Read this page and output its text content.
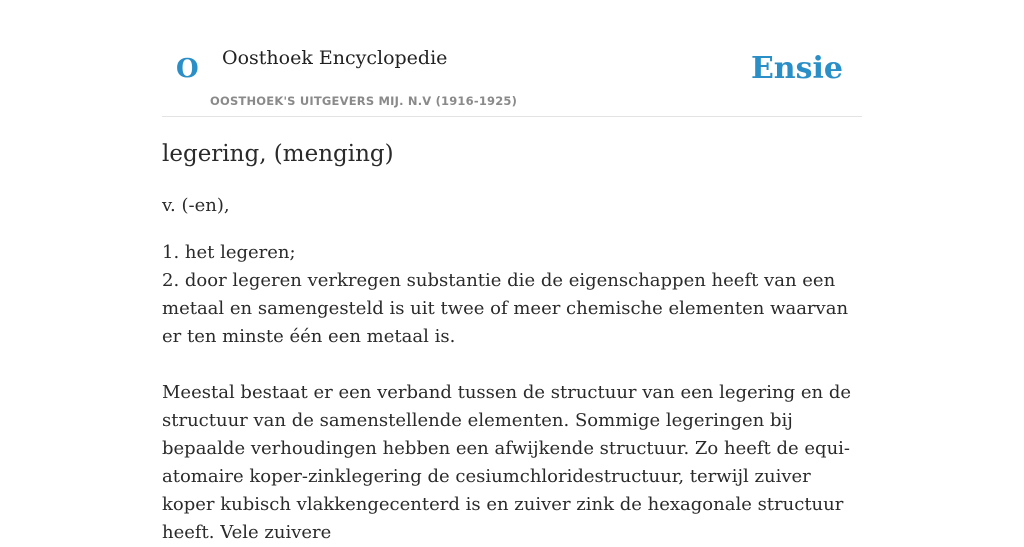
O Oosthoek Encyclopedie
OOSTHOEK'S UITGEVERS MIJ. N.V (1916-1925)
Ensie
legering, (menging)

v. (-en),

1. het legeren;

2. door legeren verkregen substantie die de eigenschappen heeft van een metaal en samengesteld is uit twee of meer chemische elementen waarvan er ten minste één een metaal is.

Meestal bestaat er een verband tussen de structuur van een legering en de structuur van de samenstellende elementen. Sommige legeringen bij bepaalde verhoudingen hebben een afwijkende structuur. Zo heeft de equi-atomaire koper-zinklegering de cesiumchloridestructuur, terwijl zuiver koper kubisch vlakkengecenterd is en zuiver zink de hexagonale structuur heeft. Vele zuivere
